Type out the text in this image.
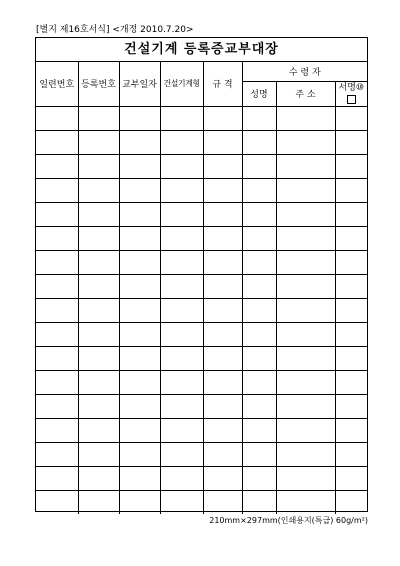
[별지 제16호서식] <개정 2010.7.20>
건설기계 등록증교부대장
일련번호	등록번호	교부일자	건설기계형	규 격	수 령 자		
					성명	주 소	서명⑩

210mm×297mm(인쇄용지(특급) 60g/m²)
